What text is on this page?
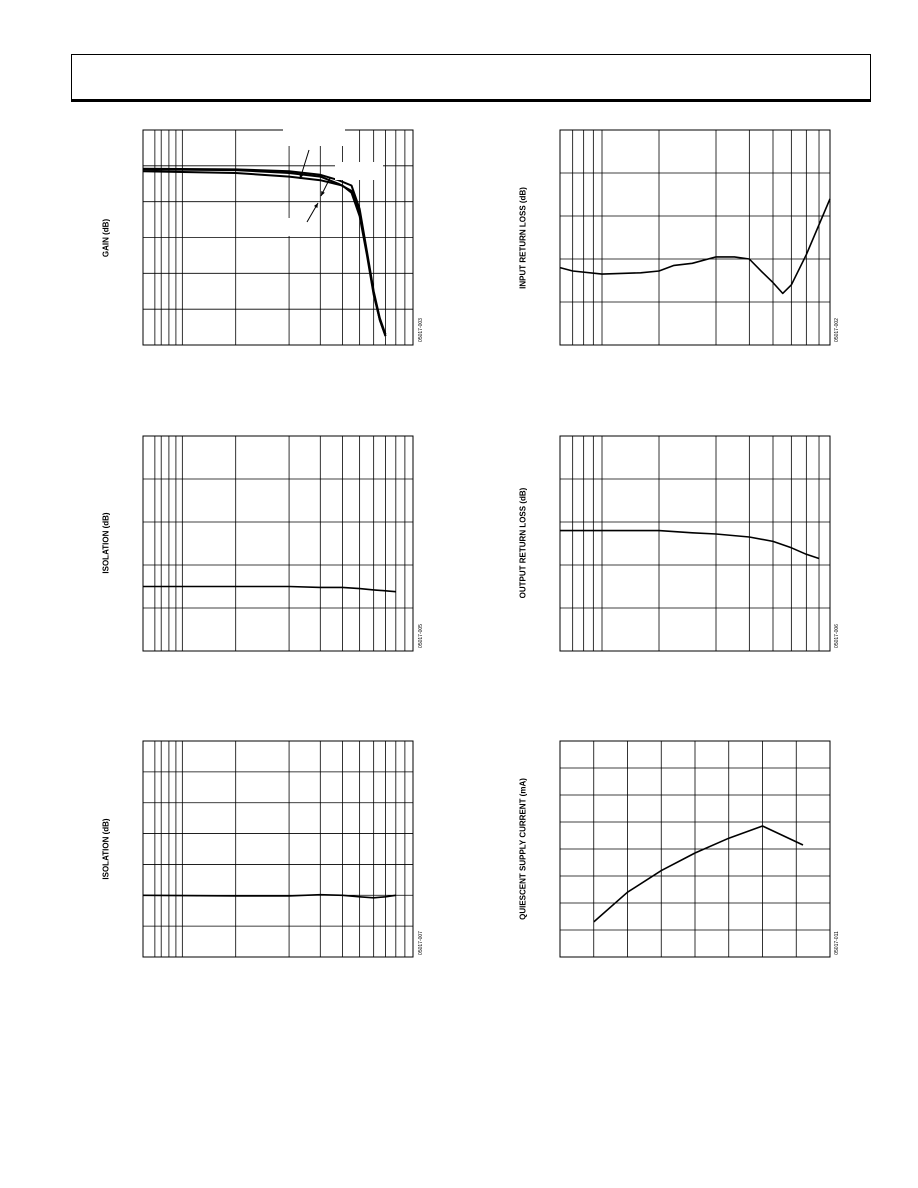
GAIN (dB)
05017-003
INPUT RETURN LOSS (dB)
05017-002
ISOLATION (dB)
05017-005
OUTPUT RETURN LOSS (dB)
05017-006
ISOLATION (dB)
05017-007
QUIESCENT SUPPLY CURRENT (mA)
05017-011
